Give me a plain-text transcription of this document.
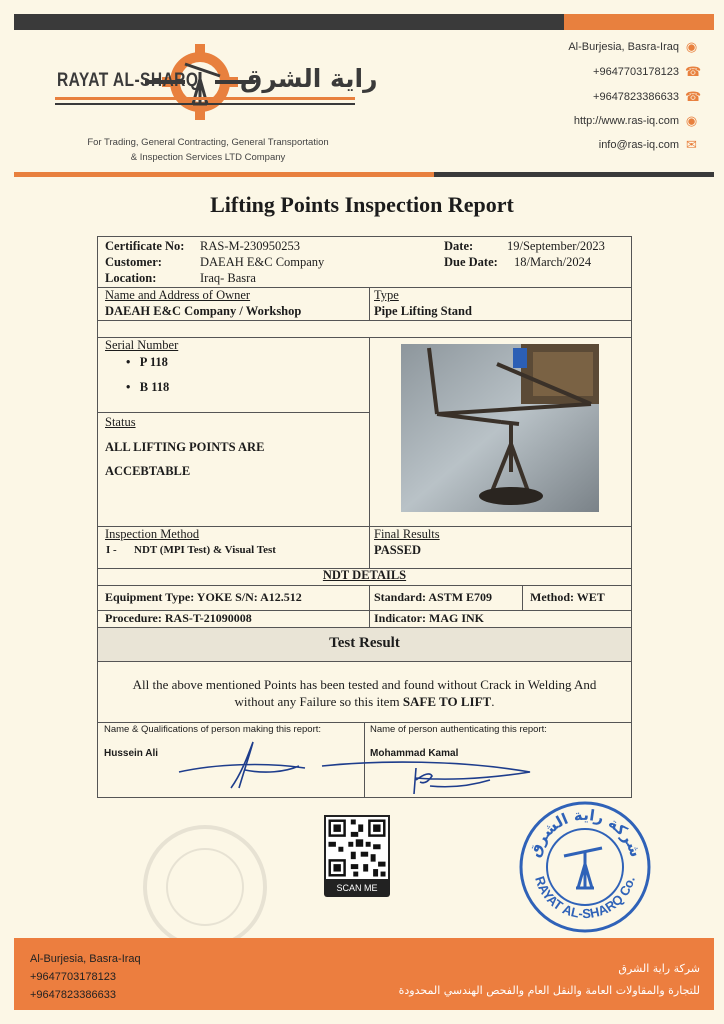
RAYAT AL-SHARQ راية الشرق
For Trading, General Contracting, General Transportation
& Inspection Services LTD Company
Al-Burjesia, Basra-Iraq ◉
+9647703178123 ☎
+9647823386633 ☎
http://www.ras-iq.com ◉
info@ras-iq.com ✉
Lifting Points Inspection Report
Certificate No: RAS-M-230950253
Customer:	DAEAH E&C Company
Location:	Iraq- Basra
Date:	19/September/2023
Due Date: 18/March/2024
Name and Address of Owner
DAEAH E&C Company / Workshop
Type
Pipe Lifting Stand
Serial Number
•   P 118
•   B 118
Status
ALL LIFTING POINTS ARE
ACCEBTABLE
Inspection Method
I - NDT (MPI Test) & Visual Test
Final Results
PASSED
NDT DETAILS
Equipment Type: YOKE S/N: A12.512	Standard: ASTM E709	Method: WET
Procedure: RAS-T-21090008	Indicator: MAG INK
Test Result
All the above mentioned Points has been tested and found without Crack in Welding And
without any Failure so this item SAFE TO LIFT.
Name & Qualifications of person making this report:
Hussein Ali
Name of person authenticating this report:
Mohammad Kamal
SCAN ME
شركة راية الشرق
RAYAT AL-SHARQ Co.
Al-Burjesia, Basra-Iraq
+9647703178123
+9647823386633
شركة راية الشرق
للتجارة والمقاولات العامة والنقل العام والفحص الهندسي المحدودة
